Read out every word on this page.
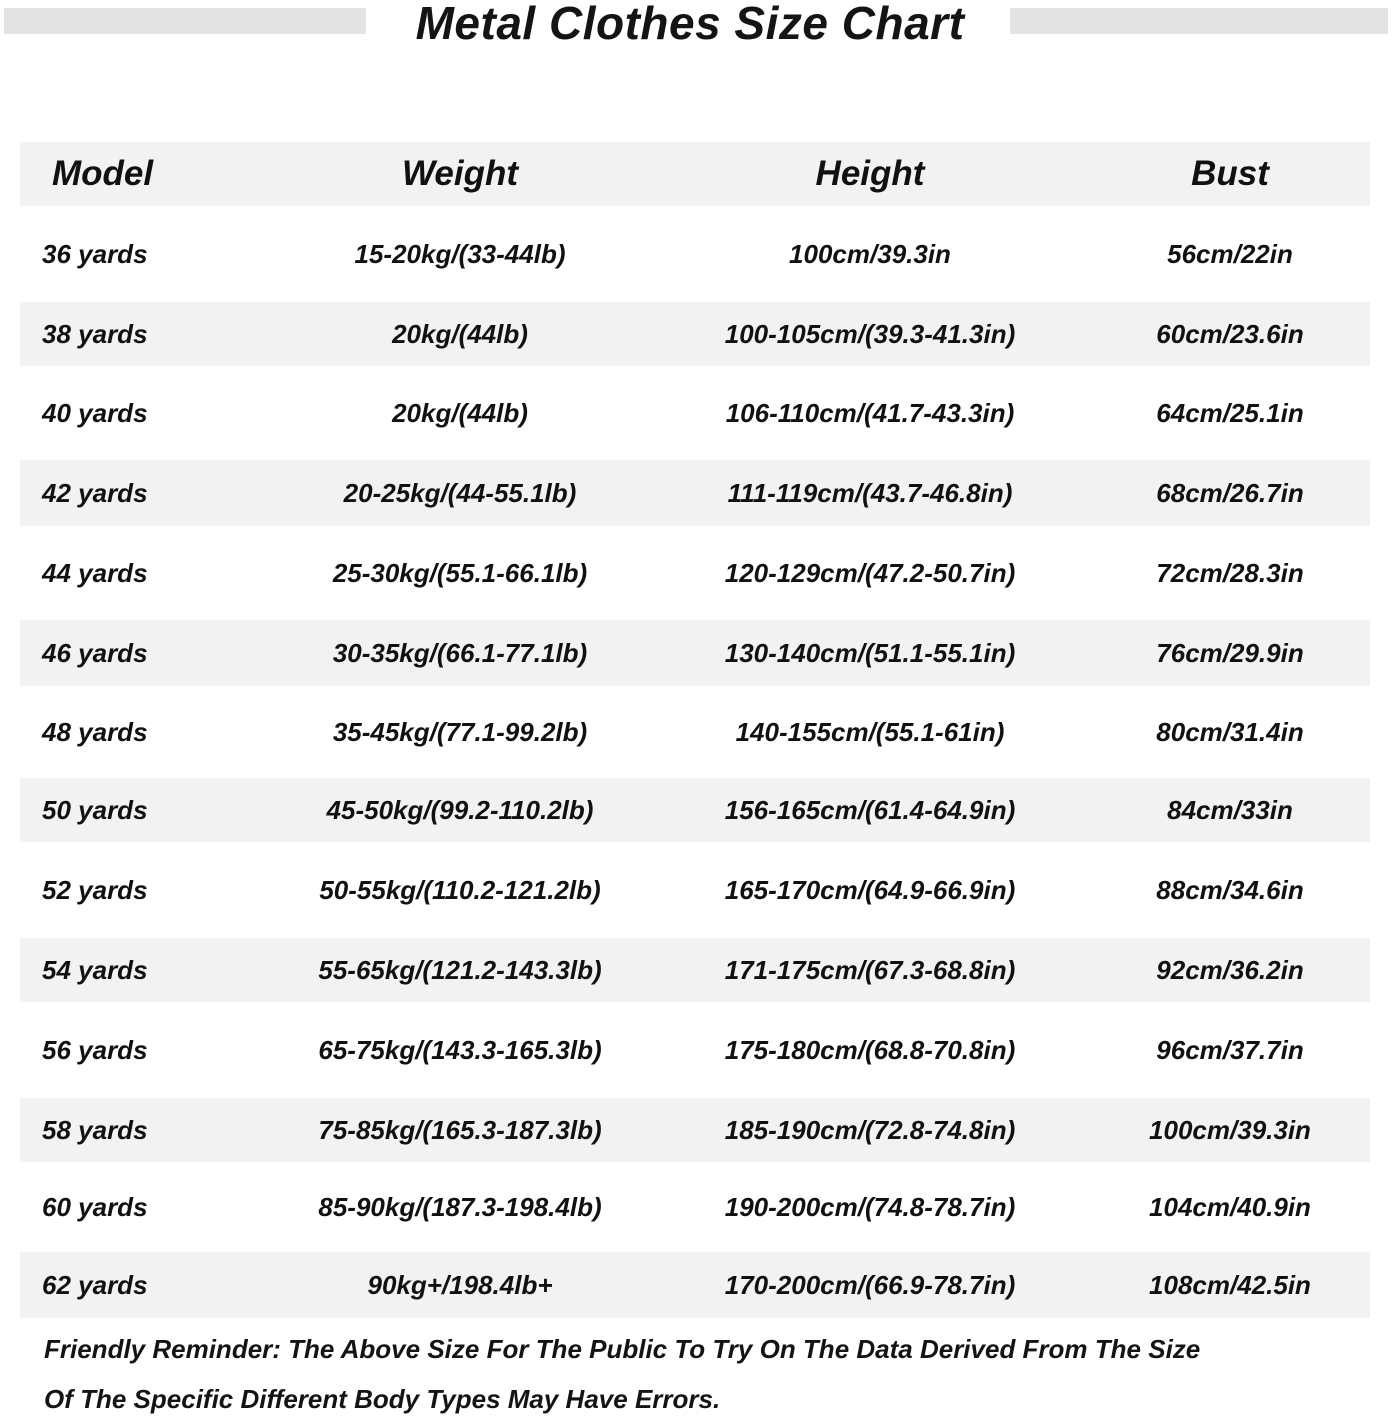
Metal Clothes Size Chart
Model	Weight	Height	Bust
36 yards	15-20kg/(33-44lb)	100cm/39.3in	56cm/22in
38 yards	20kg/(44lb)	100-105cm/(39.3-41.3in)	60cm/23.6in
40 yards	20kg/(44lb)	106-110cm/(41.7-43.3in)	64cm/25.1in
42 yards	20-25kg/(44-55.1lb)	111-119cm/(43.7-46.8in)	68cm/26.7in
44 yards	25-30kg/(55.1-66.1lb)	120-129cm/(47.2-50.7in)	72cm/28.3in
46 yards	30-35kg/(66.1-77.1lb)	130-140cm/(51.1-55.1in)	76cm/29.9in
48 yards	35-45kg/(77.1-99.2lb)	140-155cm/(55.1-61in)	80cm/31.4in
50 yards	45-50kg/(99.2-110.2lb)	156-165cm/(61.4-64.9in)	84cm/33in
52 yards	50-55kg/(110.2-121.2lb)	165-170cm/(64.9-66.9in)	88cm/34.6in
54 yards	55-65kg/(121.2-143.3lb)	171-175cm/(67.3-68.8in)	92cm/36.2in
56 yards	65-75kg/(143.3-165.3lb)	175-180cm/(68.8-70.8in)	96cm/37.7in
58 yards	75-85kg/(165.3-187.3lb)	185-190cm/(72.8-74.8in)	100cm/39.3in
60 yards	85-90kg/(187.3-198.4lb)	190-200cm/(74.8-78.7in)	104cm/40.9in
62 yards	90kg+/198.4lb+	170-200cm/(66.9-78.7in)	108cm/42.5in
Friendly Reminder: The Above Size For The Public To Try On The Data Derived From The Size
Of The Specific Different Body Types May Have Errors.
